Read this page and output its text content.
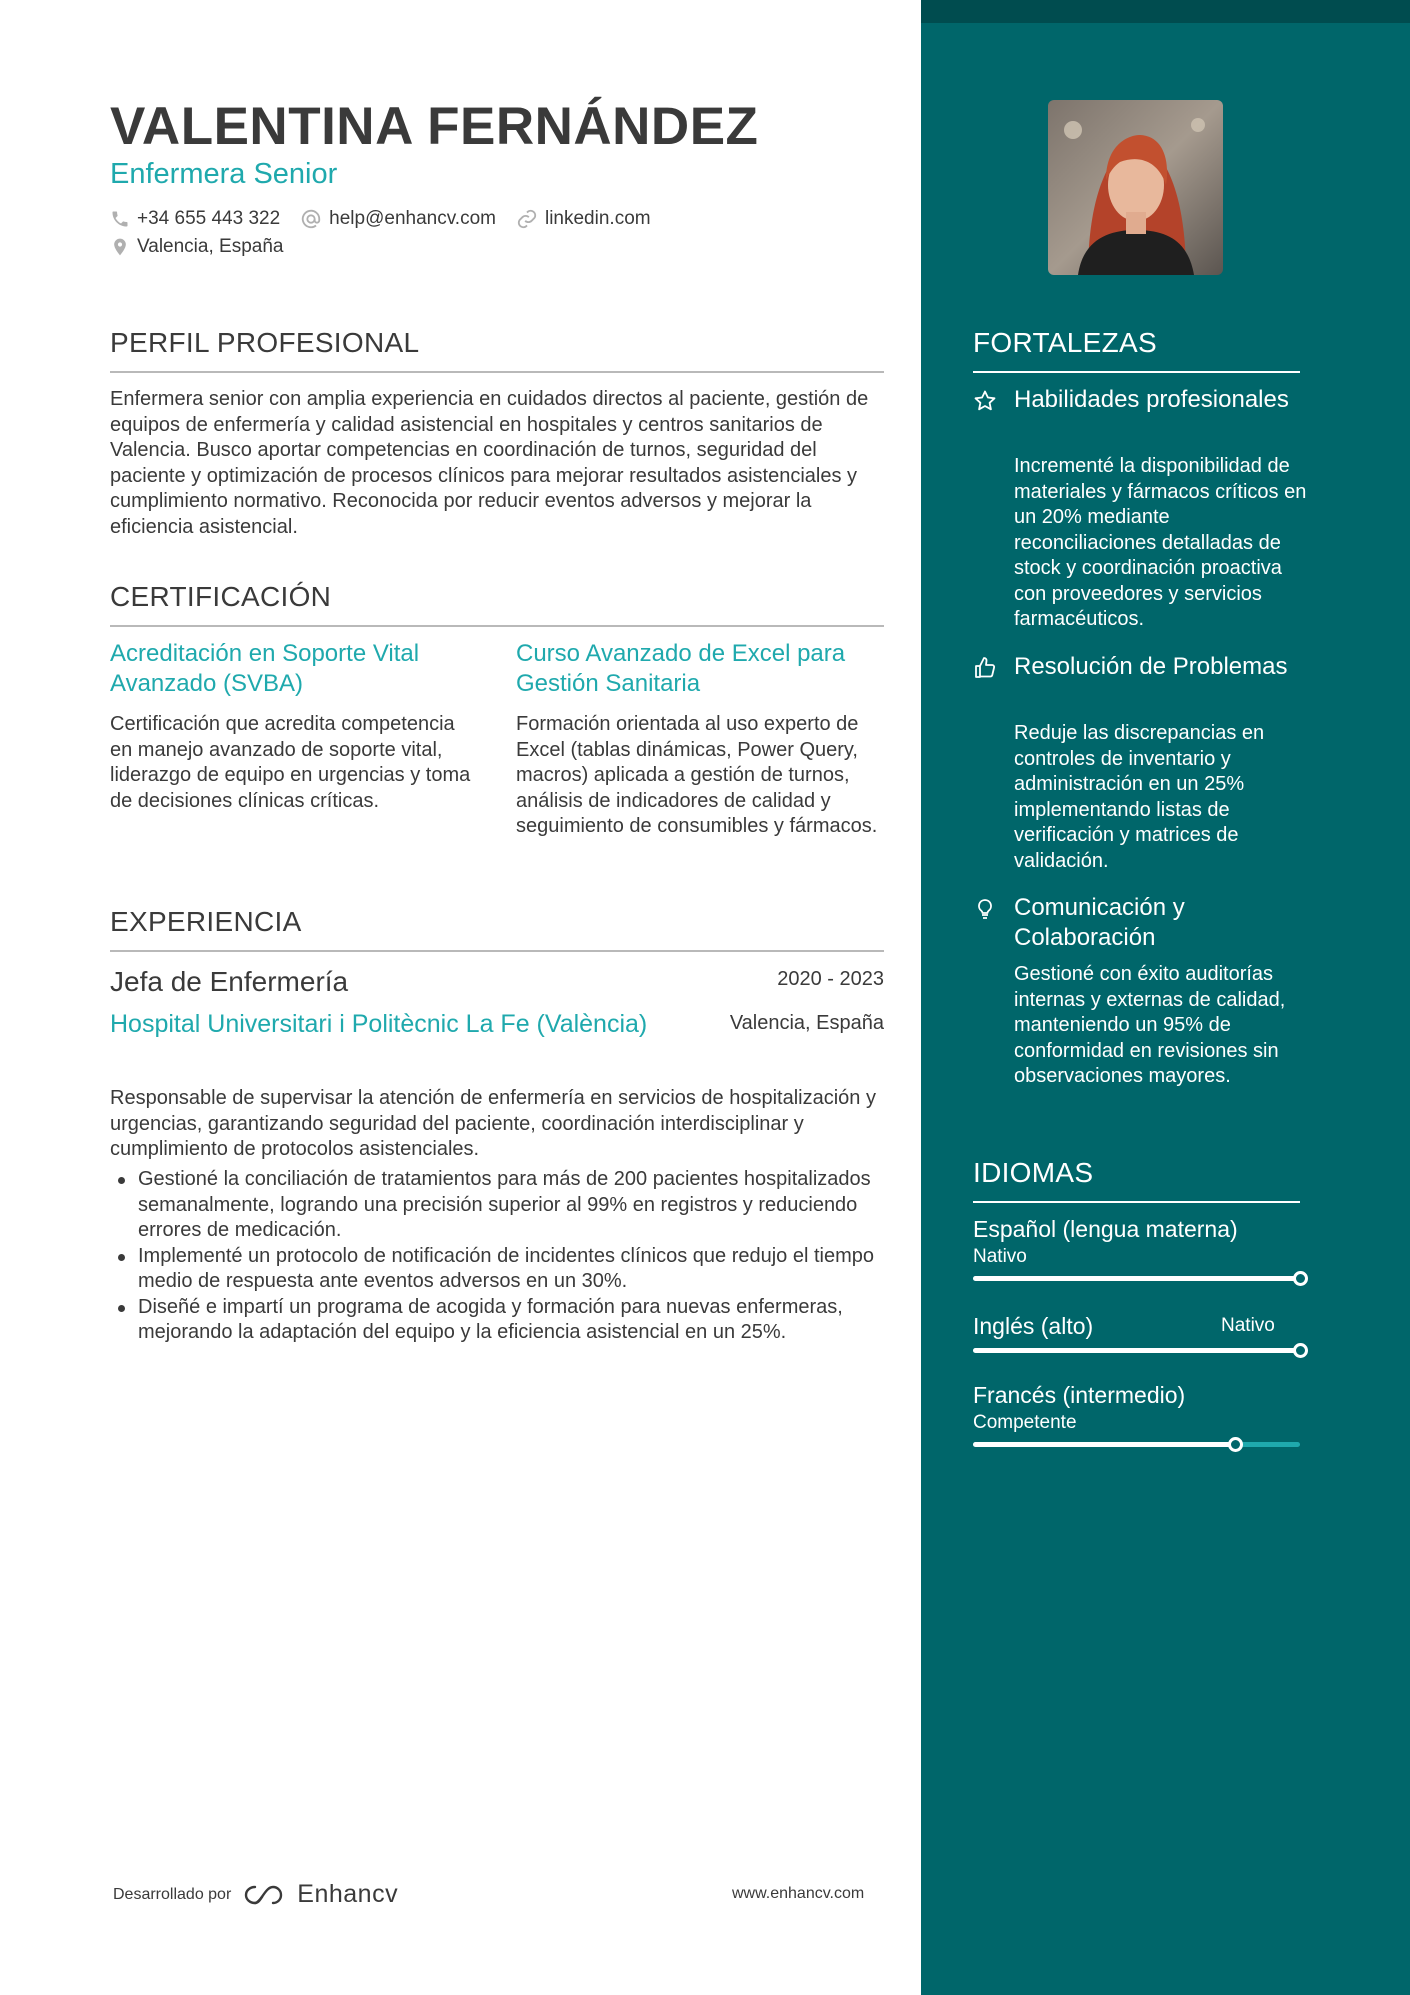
VALENTINA FERNÁNDEZ
Enfermera Senior
+34 655 443 322	help@enhancv.com	linkedin.com
Valencia, España
PERFIL PROFESIONAL
Enfermera senior con amplia experiencia en cuidados directos al paciente, gestión de equipos de enfermería y calidad asistencial en hospitales y centros sanitarios de Valencia. Busco aportar competencias en coordinación de turnos, seguridad del paciente y optimización de procesos clínicos para mejorar resultados asistenciales y cumplimiento normativo. Reconocida por reducir eventos adversos y mejorar la eficiencia asistencial.
CERTIFICACIÓN
Acreditación en Soporte Vital Avanzado (SVBA)
Certificación que acredita competencia en manejo avanzado de soporte vital, liderazgo de equipo en urgencias y toma de decisiones clínicas críticas.
Curso Avanzado de Excel para Gestión Sanitaria
Formación orientada al uso experto de Excel (tablas dinámicas, Power Query, macros) aplicada a gestión de turnos, análisis de indicadores de calidad y seguimiento de consumibles y fármacos.
EXPERIENCIA
Jefa de Enfermería	2020 - 2023
Hospital Universitari i Politècnic La Fe (València)	Valencia, España
Responsable de supervisar la atención de enfermería en servicios de hospitalización y urgencias, garantizando seguridad del paciente, coordinación interdisciplinar y cumplimiento de protocolos asistenciales.
Gestioné la conciliación de tratamientos para más de 200 pacientes hospitalizados semanalmente, logrando una precisión superior al 99% en registros y reduciendo errores de medicación.
Implementé un protocolo de notificación de incidentes clínicos que redujo el tiempo medio de respuesta ante eventos adversos en un 30%.
Diseñé e impartí un programa de acogida y formación para nuevas enfermeras, mejorando la adaptación del equipo y la eficiencia asistencial en un 25%.
Desarrollado por	Enhancv	www.enhancv.com
FORTALEZAS
Habilidades profesionales
Incrementé la disponibilidad de materiales y fármacos críticos en un 20% mediante reconciliaciones detalladas de stock y coordinación proactiva con proveedores y servicios farmacéuticos.
Resolución de Problemas
Reduje las discrepancias en controles de inventario y administración en un 25% implementando listas de verificación y matrices de validación.
Comunicación y Colaboración
Gestioné con éxito auditorías internas y externas de calidad, manteniendo un 95% de conformidad en revisiones sin observaciones mayores.
IDIOMAS
Español (lengua materna)
Nativo
Inglés (alto)	Nativo
Francés (intermedio)
Competente
